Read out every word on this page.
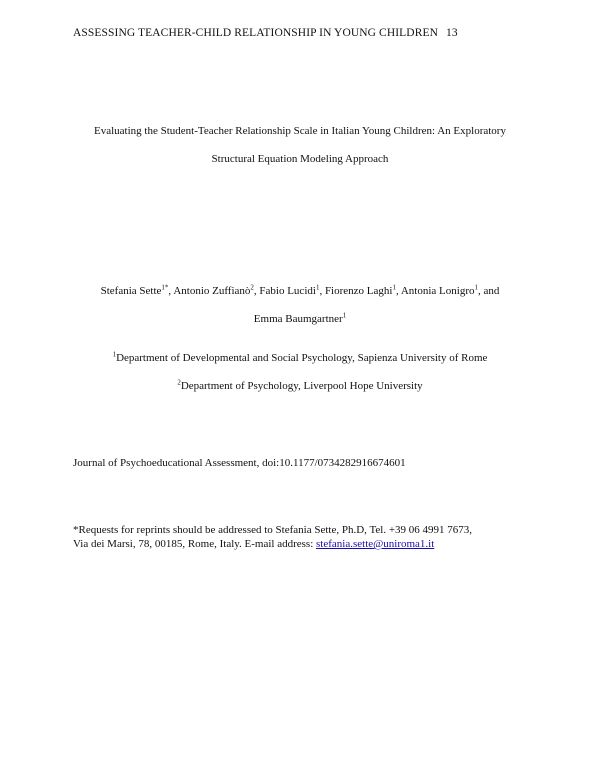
ASSESSING TEACHER-CHILD RELATIONSHIP IN YOUNG CHILDREN 13
Evaluating the Student-Teacher Relationship Scale in Italian Young Children: An Exploratory
Structural Equation Modeling Approach
Stefania Sette$^{1*}$, Antonio Zuffianò$^2$, Fabio Lucidi$^1$, Fiorenzo Laghi$^1$, Antonia Lonigro$^1$, and
Emma Baumgartner$^1$
$^1$Department of Developmental and Social Psychology, Sapienza University of Rome
$^2$Department of Psychology, Liverpool Hope University
Journal of Psychoeducational Assessment, doi:10.1177/0734282916674601
*Requests for reprints should be addressed to Stefania Sette, Ph.D, Tel. +39 06 4991 7673,
Via dei Marsi, 78, 00185, Rome, Italy. E-mail address: stefania.sette@uniroma1.it
